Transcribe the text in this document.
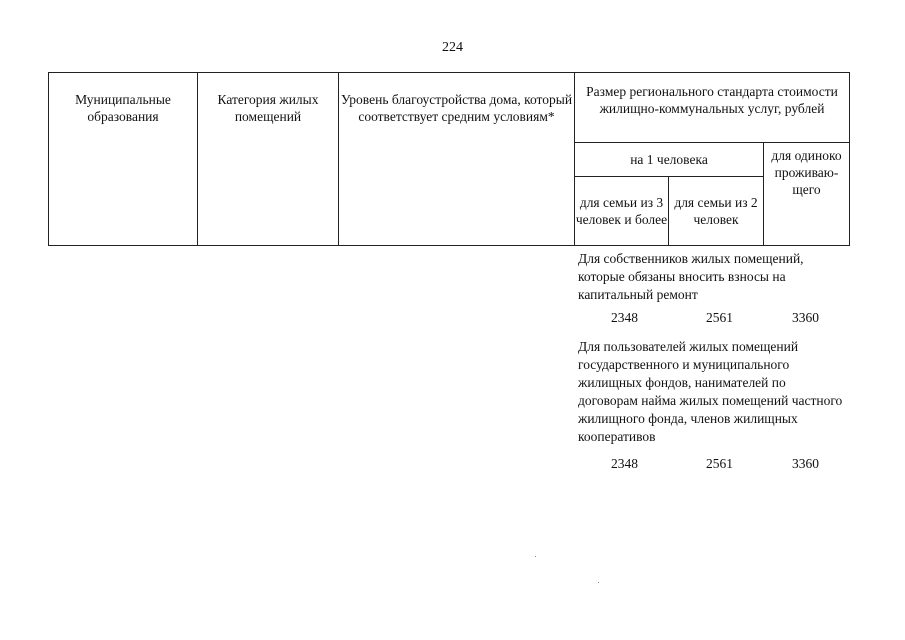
224
Муниципальные образования	Категория жилых помещений	Уровень благоустройства дома, который соответствует средним условиям*	Размер регионального стандарта стоимости жилищно-коммунальных услуг, рублей		
			на 1 человека		для одиноко проживаю-щего
			для семьи из 3 человек и более	для семьи из 2 человек	
Для собственников жилых помещений, которые обязаны вносить взносы на капитальный ремонт
2348	2561	3360
Для пользователей жилых помещений государственного и муниципального жилищных фондов, нанимателей по договорам найма жилых помещений частного жилищного фонда, членов жилищных кооперативов
2348	2561	3360
